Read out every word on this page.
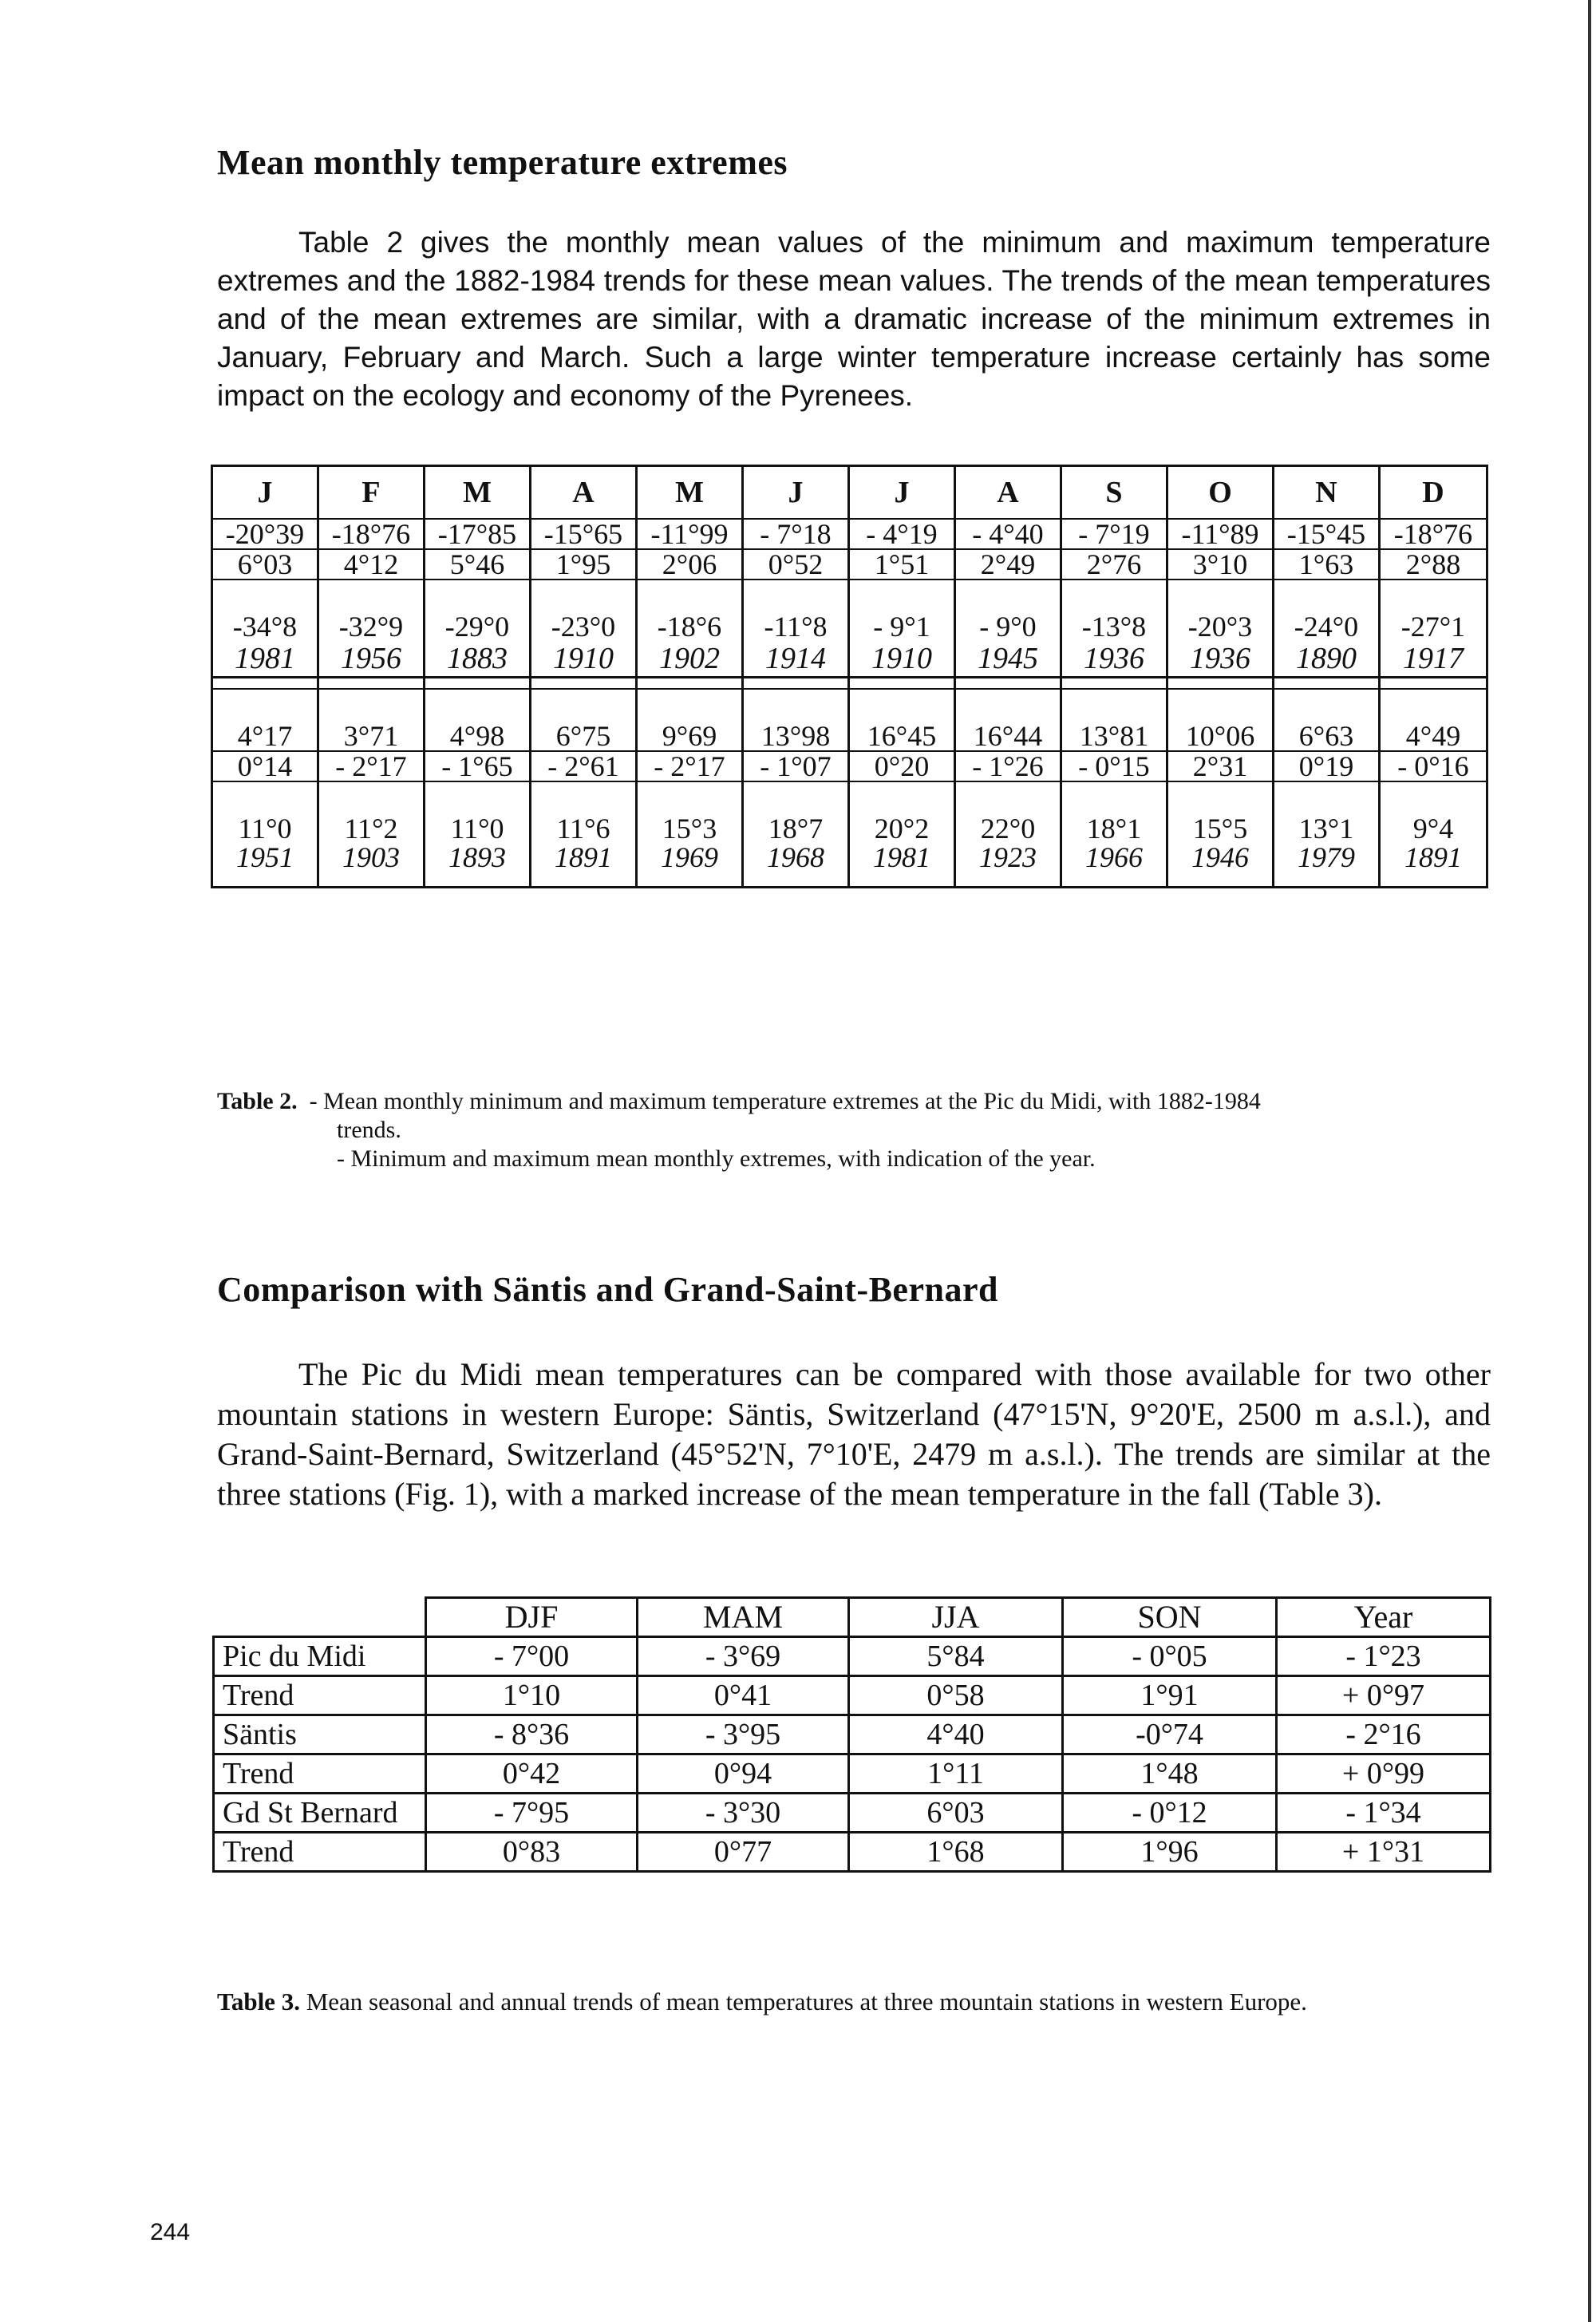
Mean monthly temperature extremes

Table 2 gives the monthly mean values of the minimum and maximum temperature extremes and the 1882-1984 trends for these mean values. The trends of the mean temperatures and of the mean extremes are similar, with a dramatic increase of the minimum extremes in January, February and March. Such a large winter temperature increase certainly has some impact on the ecology and economy of the Pyrenees.

J	F	M	A	M	J	J	A	S	O	N	D
-20°39	-18°76	-17°85	-15°65	-11°99	- 7°18	- 4°19	- 4°40	- 7°19	-11°89	-15°45	-18°76
6°03	4°12	5°46	1°95	2°06	0°52	1°51	2°49	2°76	3°10	1°63	2°88

-34°8	-32°9	-29°0	-23°0	-18°6	-11°8	- 9°1	- 9°0	-13°8	-20°3	-24°0	-27°1
1981	1956	1883	1910	1902	1914	1910	1945	1936	1936	1890	1917

4°17	3°71	4°98	6°75	9°69	13°98	16°45	16°44	13°81	10°06	6°63	4°49
0°14	- 2°17	- 1°65	- 2°61	- 2°17	- 1°07	0°20	- 1°26	- 0°15	2°31	0°19	- 0°16

11°0	11°2	11°0	11°6	15°3	18°7	20°2	22°0	18°1	15°5	13°1	9°4
1951	1903	1893	1891	1969	1968	1981	1923	1966	1946	1979	1891

Table 2. - Mean monthly minimum and maximum temperature extremes at the Pic du Midi, with 1882-1984
trends.
- Minimum and maximum mean monthly extremes, with indication of the year.

Comparison with Säntis and Grand-Saint-Bernard

The Pic du Midi mean temperatures can be compared with those available for two other mountain stations in western Europe: Säntis, Switzerland (47°15'N, 9°20'E, 2500 m a.s.l.), and Grand-Saint-Bernard, Switzerland (45°52'N, 7°10'E, 2479 m a.s.l.). The trends are similar at the three stations (Fig. 1), with a marked increase of the mean temperature in the fall (Table 3).

	DJF	MAM	JJA	SON	Year
Pic du Midi	- 7°00	- 3°69	5°84	- 0°05	- 1°23
Trend	1°10	0°41	0°58	1°91	+ 0°97
Säntis	- 8°36	- 3°95	4°40	-0°74	- 2°16
Trend	0°42	0°94	1°11	1°48	+ 0°99
Gd St Bernard	- 7°95	- 3°30	6°03	- 0°12	- 1°34
Trend	0°83	0°77	1°68	1°96	+ 1°31

Table 3. Mean seasonal and annual trends of mean temperatures at three mountain stations in western Europe.

244
